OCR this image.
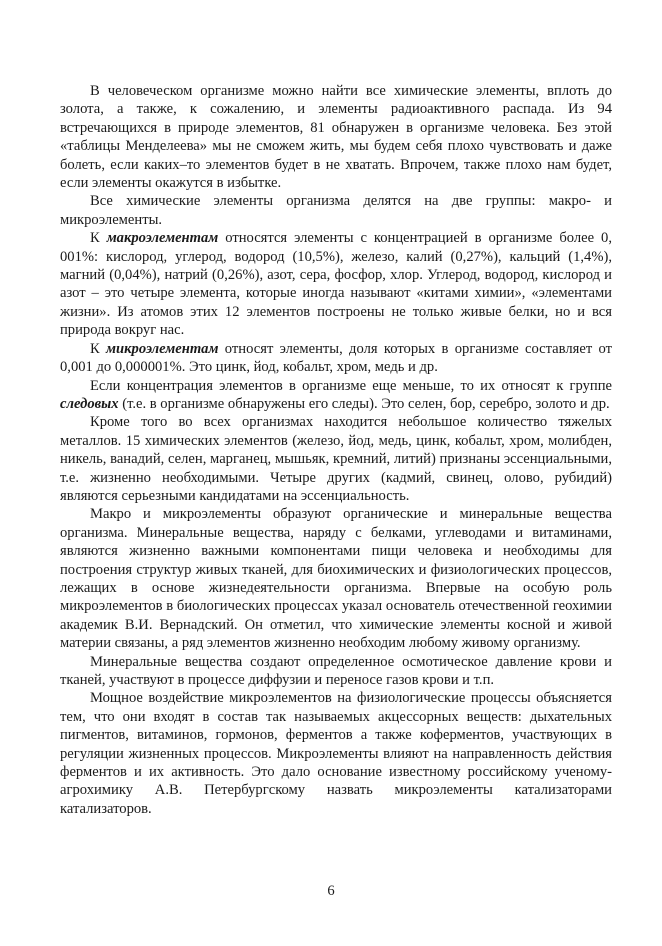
В человеческом организме можно найти все химические элементы, вплоть до золота, а также, к сожалению, и элементы радиоактивного распада. Из 94 встречающихся в природе элементов, 81 обнаружен в организме человека. Без этой «таблицы Менделеева» мы не сможем жить, мы будем себя плохо чувствовать и даже болеть, если каких–то элементов будет в не хватать. Впрочем, также плохо нам будет, если элементы окажутся в избытке.

Все химические элементы организма делятся на две группы: макро- и микроэлементы.

К макроэлементам относятся элементы с концентрацией в организме более 0, 001%: кислород, углерод, водород (10,5%), железо, калий (0,27%), кальций (1,4%), магний (0,04%), натрий (0,26%), азот, сера, фосфор, хлор. Углерод, водород, кислород и азот – это четыре элемента, которые иногда называют «китами химии», «элементами жизни». Из атомов этих 12 элементов построены не только живые белки, но и вся природа вокруг нас.

К микроэлементам относят элементы, доля которых в организме составляет от 0,001 до 0,000001%. Это цинк, йод, кобальт, хром, медь и др.

Если концентрация элементов в организме еще меньше, то их относят к группе следовых (т.е. в организме обнаружены его следы). Это селен, бор, серебро, золото и др.

Кроме того во всех организмах находится небольшое количество тяжелых металлов. 15 химических элементов (железо, йод, медь, цинк, кобальт, хром, молибден, никель, ванадий, селен, марганец, мышьяк, кремний, литий) признаны эссенциальными, т.е. жизненно необходимыми. Четыре других (кадмий, свинец, олово, рубидий) являются серьезными кандидатами на эссенциальность.

Макро и микроэлементы образуют органические и минеральные вещества организма. Минеральные вещества, наряду с белками, углеводами и витаминами, являются жизненно важными компонентами пищи человека и необходимы для построения структур живых тканей, для биохимических и физиологических процессов, лежащих в основе жизнедеятельности организма. Впервые на особую роль микроэлементов в биологических процессах указал основатель отечественной геохимии академик В.И. Вернадский. Он отметил, что химические элементы косной и живой материи связаны, а ряд элементов жизненно необходим любому живому организму.

Минеральные вещества создают определенное осмотическое давление крови и тканей, участвуют в процессе диффузии и переносе газов крови и т.п.

Мощное воздействие микроэлементов на физиологические процессы объясняется тем, что они входят в состав так называемых акцессорных веществ: дыхательных пигментов, витаминов, гормонов, ферментов а также коферментов, участвующих в регуляции жизненных процессов. Микроэлементы влияют на направленность действия ферментов и их активность. Это дало основание известному российскому ученому-агрохимику А.В. Петербургскому назвать микроэлементы катализаторами катализаторов.

6
